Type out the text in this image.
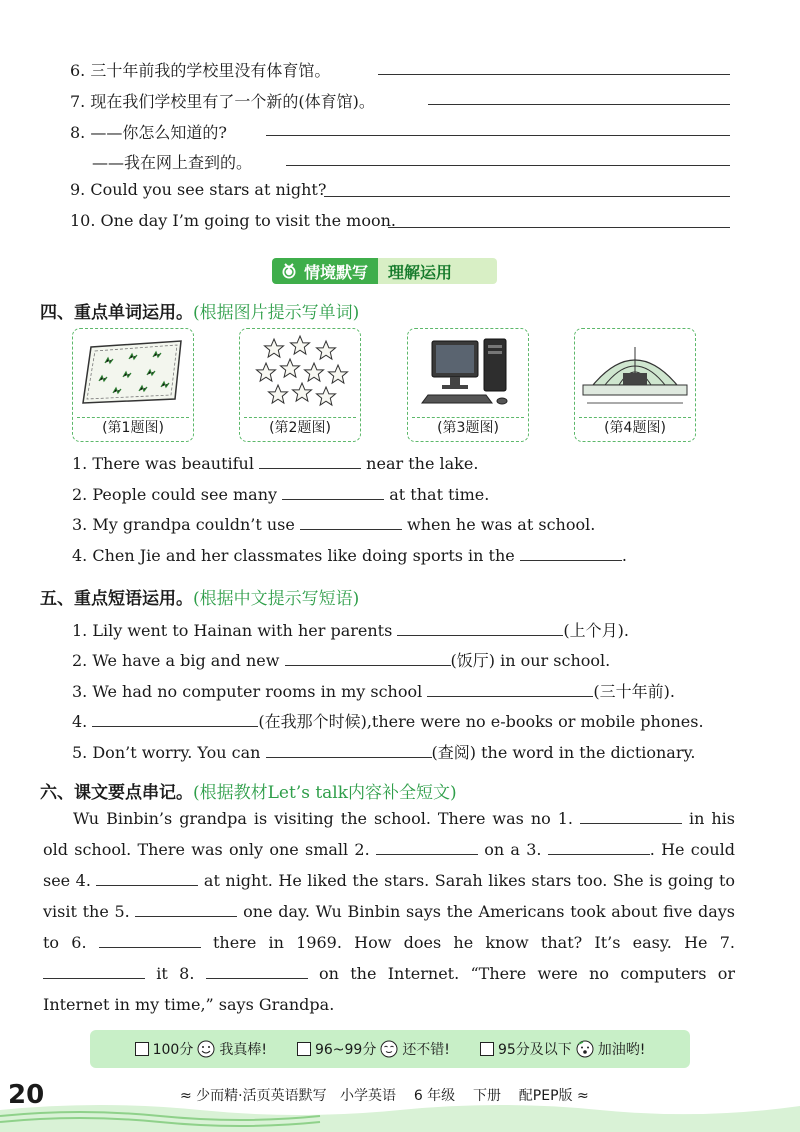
6. 三十年前我的学校里没有体育馆。
7. 现在我们学校里有了一个新的(体育馆)。
8. ——你怎么知道的?
——我在网上查到的。
9. Could you see stars at night?
10. One day I’m going to visit the moon.
情境默写	理解运用
四、重点单词运用。(根据图片提示写单词)
(第1题图)	(第2题图)	(第3题图)	(第4题图)
1. There was beautiful	near the lake.
2. People could see many	at that time.
3. My grandpa couldn’t use	when he was at school.
4. Chen Jie and her classmates like doing sports in the	.
五、重点短语运用。(根据中文提示写短语)
1. Lily went to Hainan with her parents	(上个月).
2. We have a big and new	(饭厅) in our school.
3. We had no computer rooms in my school	(三十年前).
4.	(在我那个时候),there were no e-books or mobile phones.
5. Don’t worry. You can	(查阅) the word in the dictionary.
六、课文要点串记。(根据教材Let’s talk内容补全短文)
Wu Binbin’s grandpa is visiting the school. There was no 1.	in his old school. There was only one small 2.	on a 3.	. He could see 4.	at night. He liked the stars. Sarah likes stars too. She is going to visit the 5.	one day. Wu Binbin says the Americans took about five days to 6.	there in 1969. How does he know that? It’s easy. He 7.  it 8.	on the Internet. “There were no computers or Internet in my time,” says Grandpa.
100分 我真棒!	96~99分 还不错!	95分及以下 加油哟!
20	≈ 少而精·活页英语默写 小学英语 6 年级 下册 配PEP版 ≈
